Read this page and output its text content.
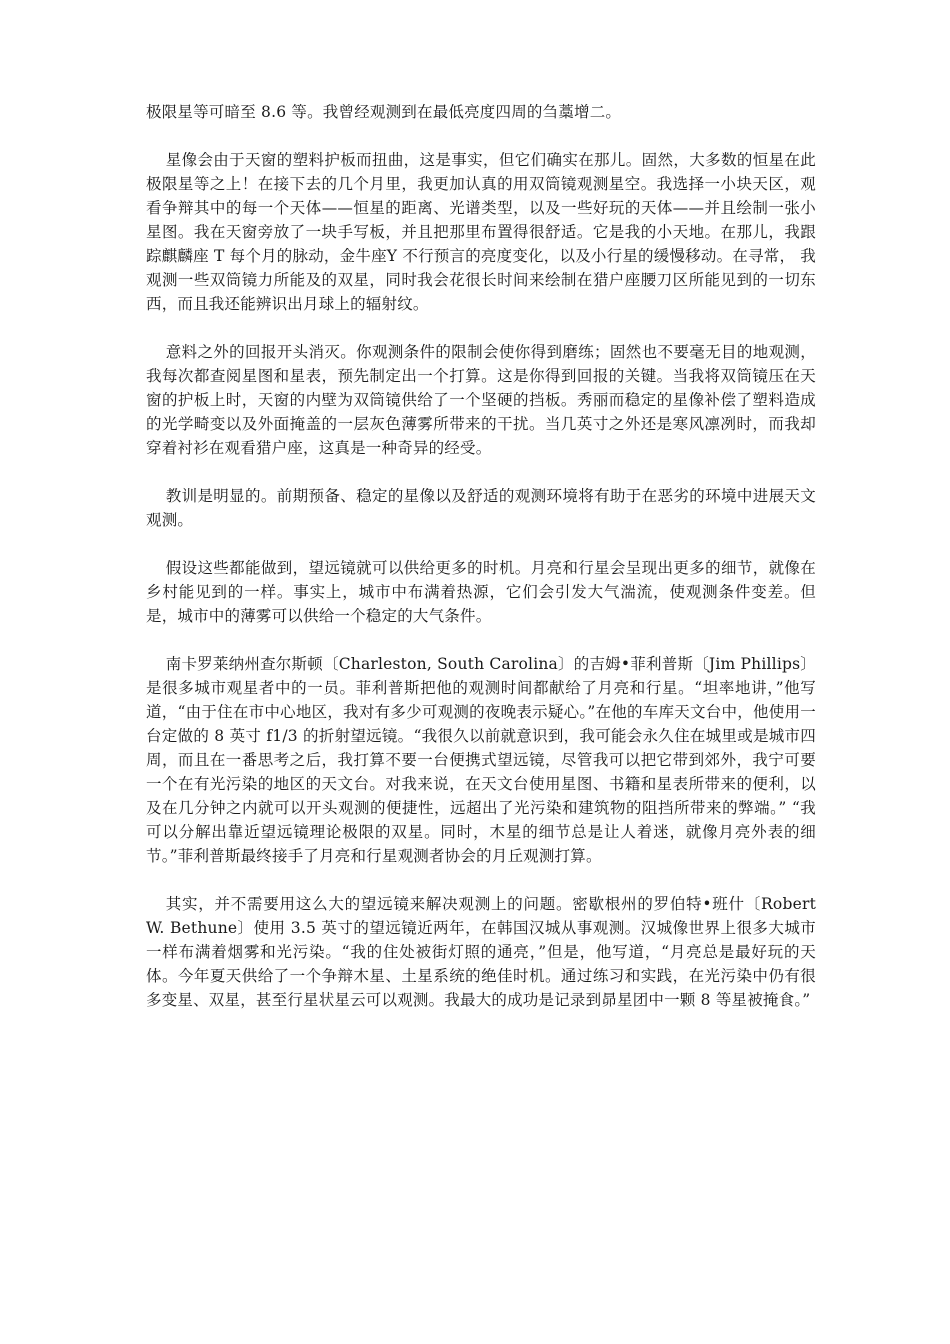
极限星等可暗至 8.6 等。我曾经观测到在最低亮度四周的刍藁增二。

星像会由于天窗的塑料护板而扭曲，这是事实，但它们确实在那儿。固然，大多数的恒星在此极限星等之上！在接下去的几个月里，我更加认真的用双筒镜观测星空。我选择一小块天区，观看争辩其中的每一个天体——恒星的距离、光谱类型，以及一些好玩的天体——并且绘制一张小星图。我在天窗旁放了一块手写板，并且把那里布置得很舒适。它是我的小天地。在那儿，我跟踪麒麟座 T 每个月的脉动，金牛座Y 不行预言的亮度变化，以及小行星的缓慢移动。在寻常， 我观测一些双筒镜力所能及的双星，同时我会花很长时间来绘制在猎户座腰刀区所能见到的一切东西，而且我还能辨识出月球上的辐射纹。

意料之外的回报开头消灭。你观测条件的限制会使你得到磨练；固然也不要毫无目的地观测，我每次都查阅星图和星表，预先制定出一个打算。这是你得到回报的关键。当我将双筒镜压在天窗的护板上时，天窗的内壁为双筒镜供给了一个坚硬的挡板。秀丽而稳定的星像补偿了塑料造成的光学畸变以及外面掩盖的一层灰色薄雾所带来的干扰。当几英寸之外还是寒风凛冽时，而我却穿着衬衫在观看猎户座，这真是一种奇异的经受。

教训是明显的。前期预备、稳定的星像以及舒适的观测环境将有助于在恶劣的环境中进展天文观测。

假设这些都能做到，望远镜就可以供给更多的时机。月亮和行星会呈现出更多的细节，就像在乡村能见到的一样。事实上，城市中布满着热源，它们会引发大气湍流，使观测条件变差。但是，城市中的薄雾可以供给一个稳定的大气条件。

南卡罗莱纳州查尔斯顿〔Charleston, South Carolina〕的吉姆•菲利普斯〔Jim Phillips〕是很多城市观星者中的一员。菲利普斯把他的观测时间都献给了月亮和行星。“坦率地讲，”他写道，“由于住在市中心地区，我对有多少可观测的夜晚表示疑心。”在他的车库天文台中，他使用一台定做的 8 英寸 f1/3 的折射望远镜。“我很久以前就意识到，我可能会永久住在城里或是城市四周，而且在一番思考之后，我打算不要一台便携式望远镜，尽管我可以把它带到郊外，我宁可要一个在有光污染的地区的天文台。对我来说，在天文台使用星图、书籍和星表所带来的便利，以及在几分钟之内就可以开头观测的便捷性，远超出了光污染和建筑物的阻挡所带来的弊端。” “我可以分解出靠近望远镜理论极限的双星。同时，木星的细节总是让人着迷，就像月亮外表的细节。”菲利普斯最终接手了月亮和行星观测者协会的月丘观测打算。

其实，并不需要用这么大的望远镜来解决观测上的问题。密歇根州的罗伯特•班什〔Robert W. Bethune〕使用 3.5 英寸的望远镜近两年，在韩国汉城从事观测。汉城像世界上很多大城市一样布满着烟雾和光污染。“我的住处被街灯照的通亮，”但是，他写道，“月亮总是最好玩的天体。今年夏天供给了一个争辩木星、土星系统的绝佳时机。通过练习和实践，在光污染中仍有很多变星、双星，甚至行星状星云可以观测。我最大的成功是记录到昴星团中一颗 8 等星被掩食。”
